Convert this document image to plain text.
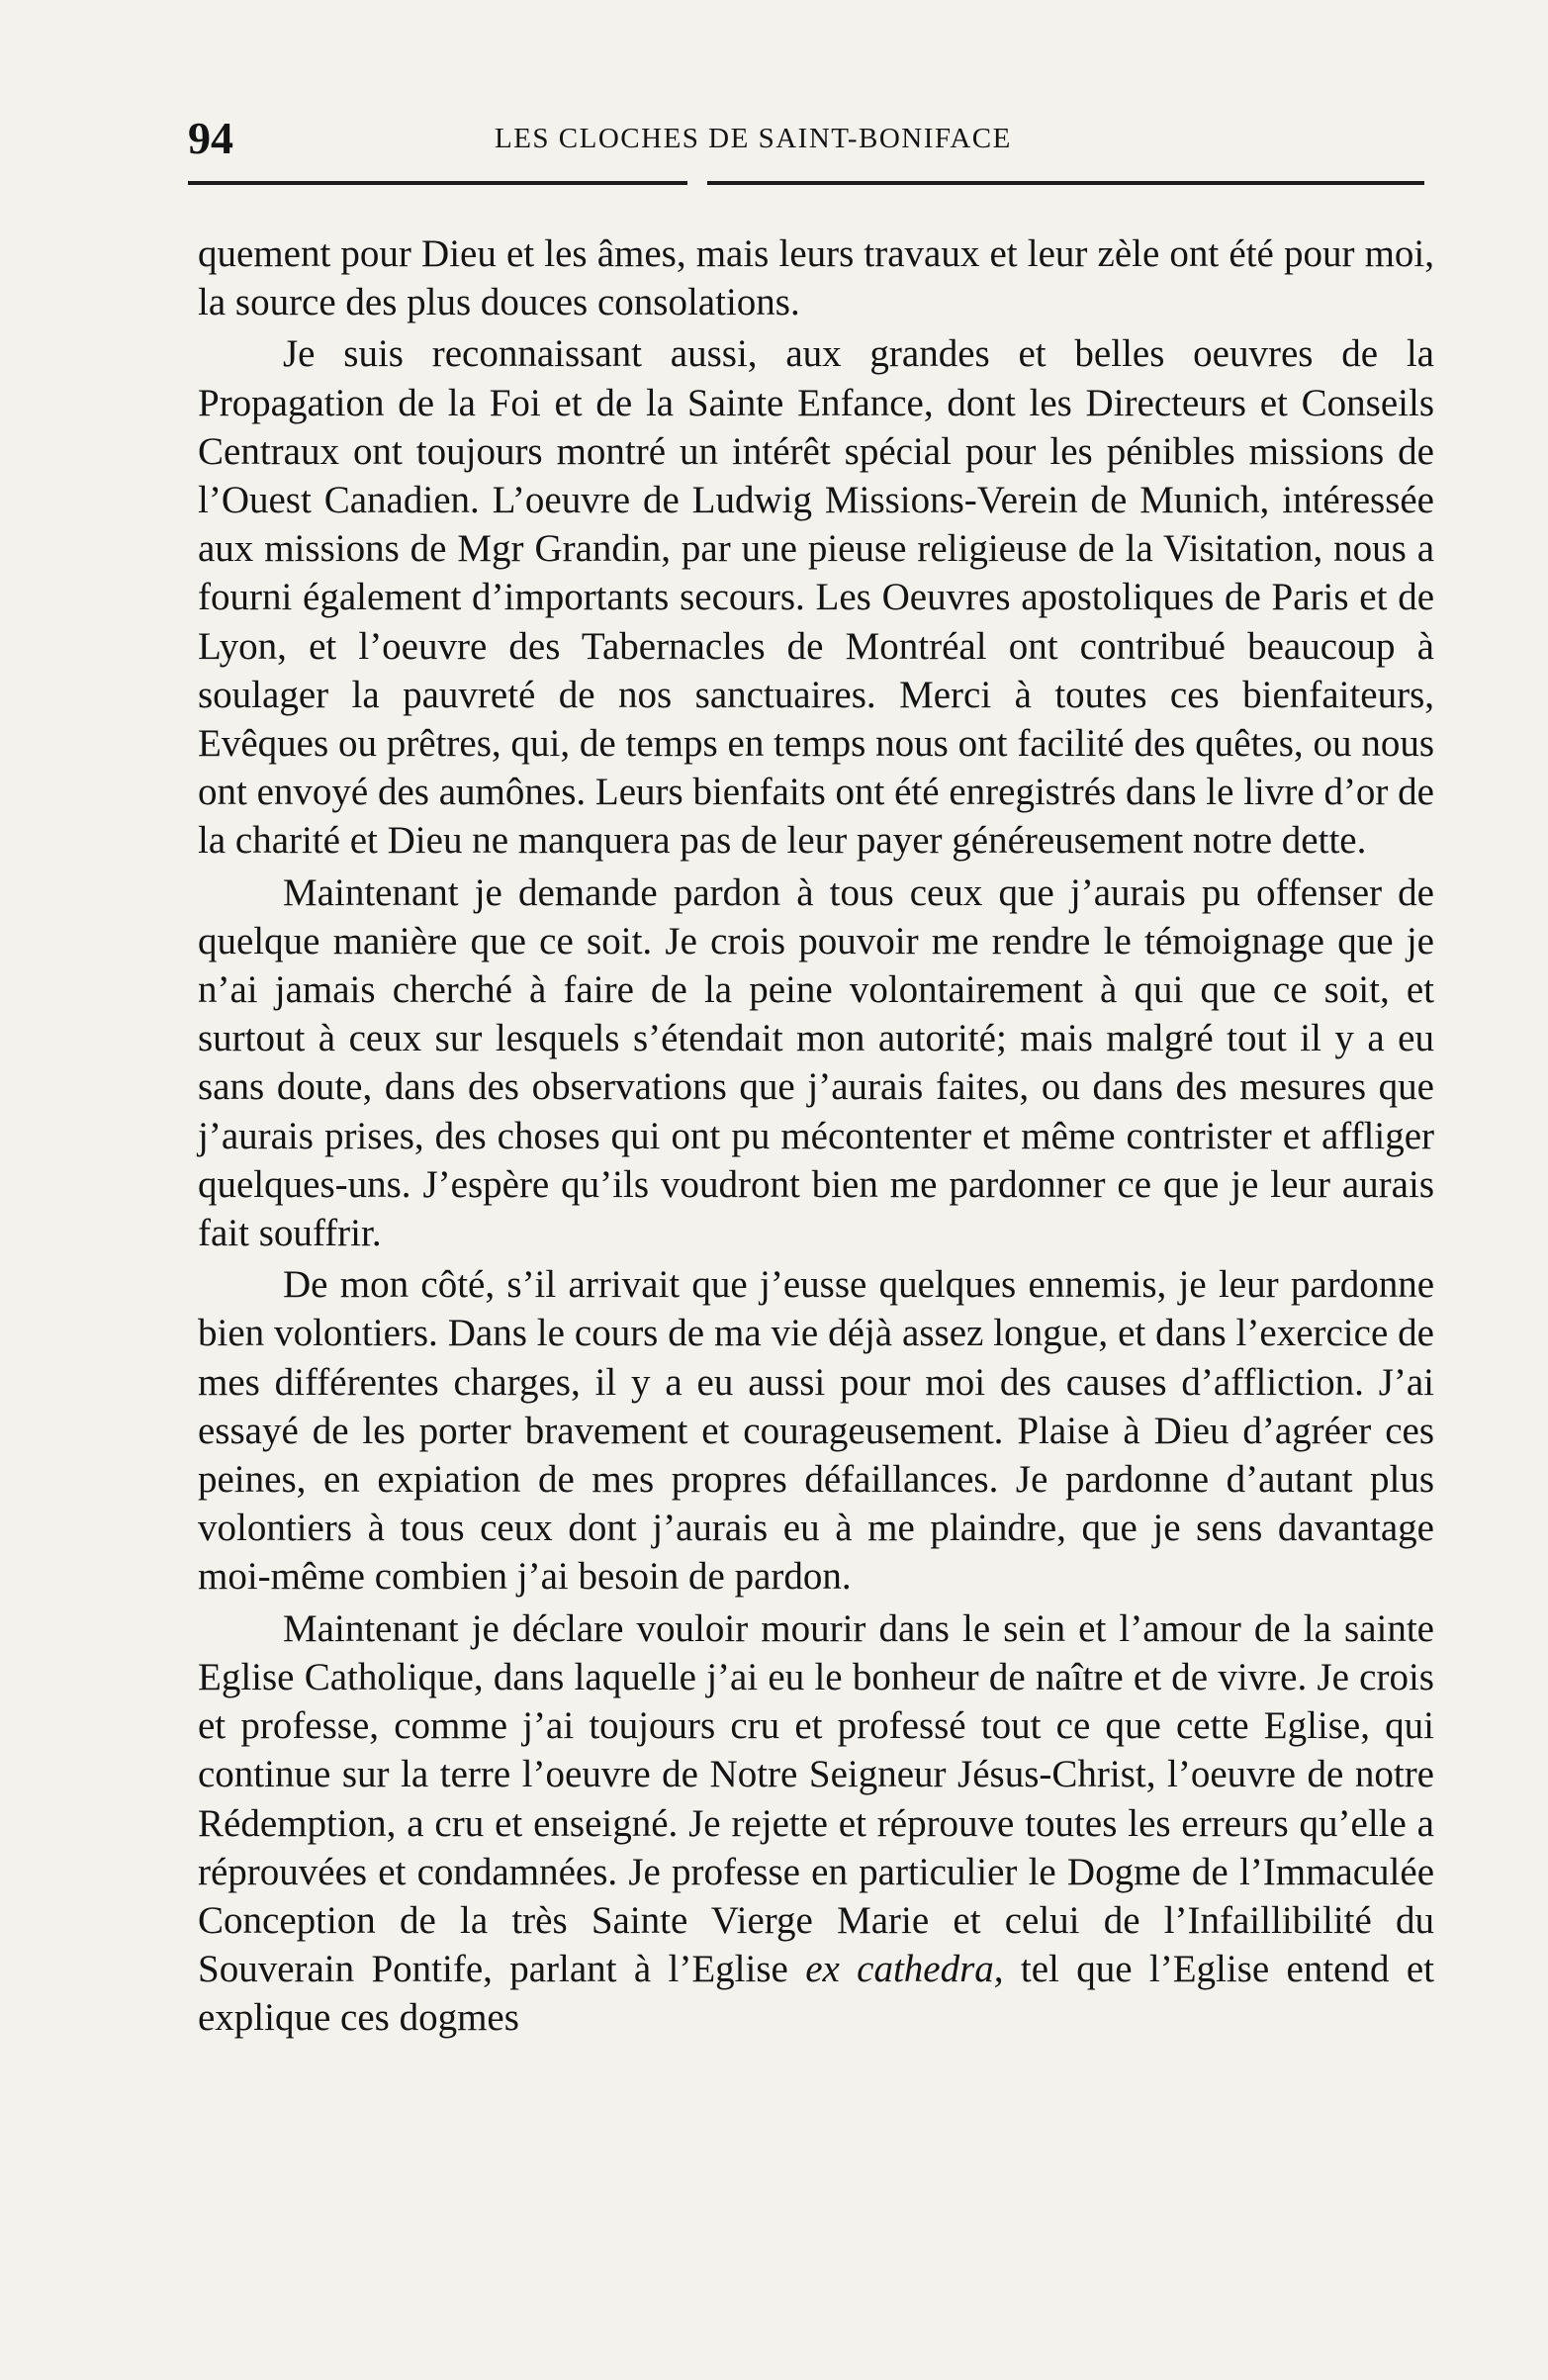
94	LES CLOCHES DE SAINT-BONIFACE

quement pour Dieu et les âmes, mais leurs travaux et leur zèle ont été pour moi, la source des plus douces consolations.

Je suis reconnaissant aussi, aux grandes et belles oeuvres de la Propagation de la Foi et de la Sainte Enfance, dont les Directeurs et Conseils Centraux ont toujours montré un intérêt spécial pour les pénibles missions de l’Ouest Canadien. L’oeuvre de Ludwig Missions-Verein de Munich, intéressée aux missions de Mgr Grandin, par une pieuse religieuse de la Visitation, nous a fourni également d’importants secours. Les Oeuvres apostoliques de Paris et de Lyon, et l’oeuvre des Tabernacles de Montréal ont contribué beaucoup à soulager la pauvreté de nos sanctuaires. Merci à toutes ces bienfaiteurs, Evêques ou prêtres, qui, de temps en temps nous ont facilité des quêtes, ou nous ont envoyé des aumônes. Leurs bienfaits ont été enregistrés dans le livre d’or de la charité et Dieu ne manquera pas de leur payer généreusement notre dette.

Maintenant je demande pardon à tous ceux que j’aurais pu offenser de quelque manière que ce soit. Je crois pouvoir me rendre le témoignage que je n’ai jamais cherché à faire de la peine volontairement à qui que ce soit, et surtout à ceux sur lesquels s’étendait mon autorité; mais malgré tout il y a eu sans doute, dans des observations que j’aurais faites, ou dans des mesures que j’aurais prises, des choses qui ont pu mécontenter et même contrister et affliger quelques-uns. J’espère qu’ils voudront bien me pardonner ce que je leur aurais fait souffrir.

De mon côté, s’il arrivait que j’eusse quelques ennemis, je leur pardonne bien volontiers. Dans le cours de ma vie déjà assez longue, et dans l’exercice de mes différentes charges, il y a eu aussi pour moi des causes d’affliction. J’ai essayé de les porter bravement et courageusement. Plaise à Dieu d’agréer ces peines, en expiation de mes propres défaillances. Je pardonne d’autant plus volontiers à tous ceux dont j’aurais eu à me plaindre, que je sens davantage moi-même combien j’ai besoin de pardon.

Maintenant je déclare vouloir mourir dans le sein et l’amour de la sainte Eglise Catholique, dans laquelle j’ai eu le bonheur de naître et de vivre. Je crois et professe, comme j’ai toujours cru et professé tout ce que cette Eglise, qui continue sur la terre l’oeuvre de Notre Seigneur Jésus-Christ, l’oeuvre de notre Rédemption, a cru et enseigné. Je rejette et réprouve toutes les erreurs qu’elle a réprouvées et condamnées. Je professe en particulier le Dogme de l’Immaculée Conception de la très Sainte Vierge Marie et celui de l’Infaillibilité du Souverain Pontife, parlant à l’Eglise ex cathedra, tel que l’Eglise entend et explique ces dogmes
